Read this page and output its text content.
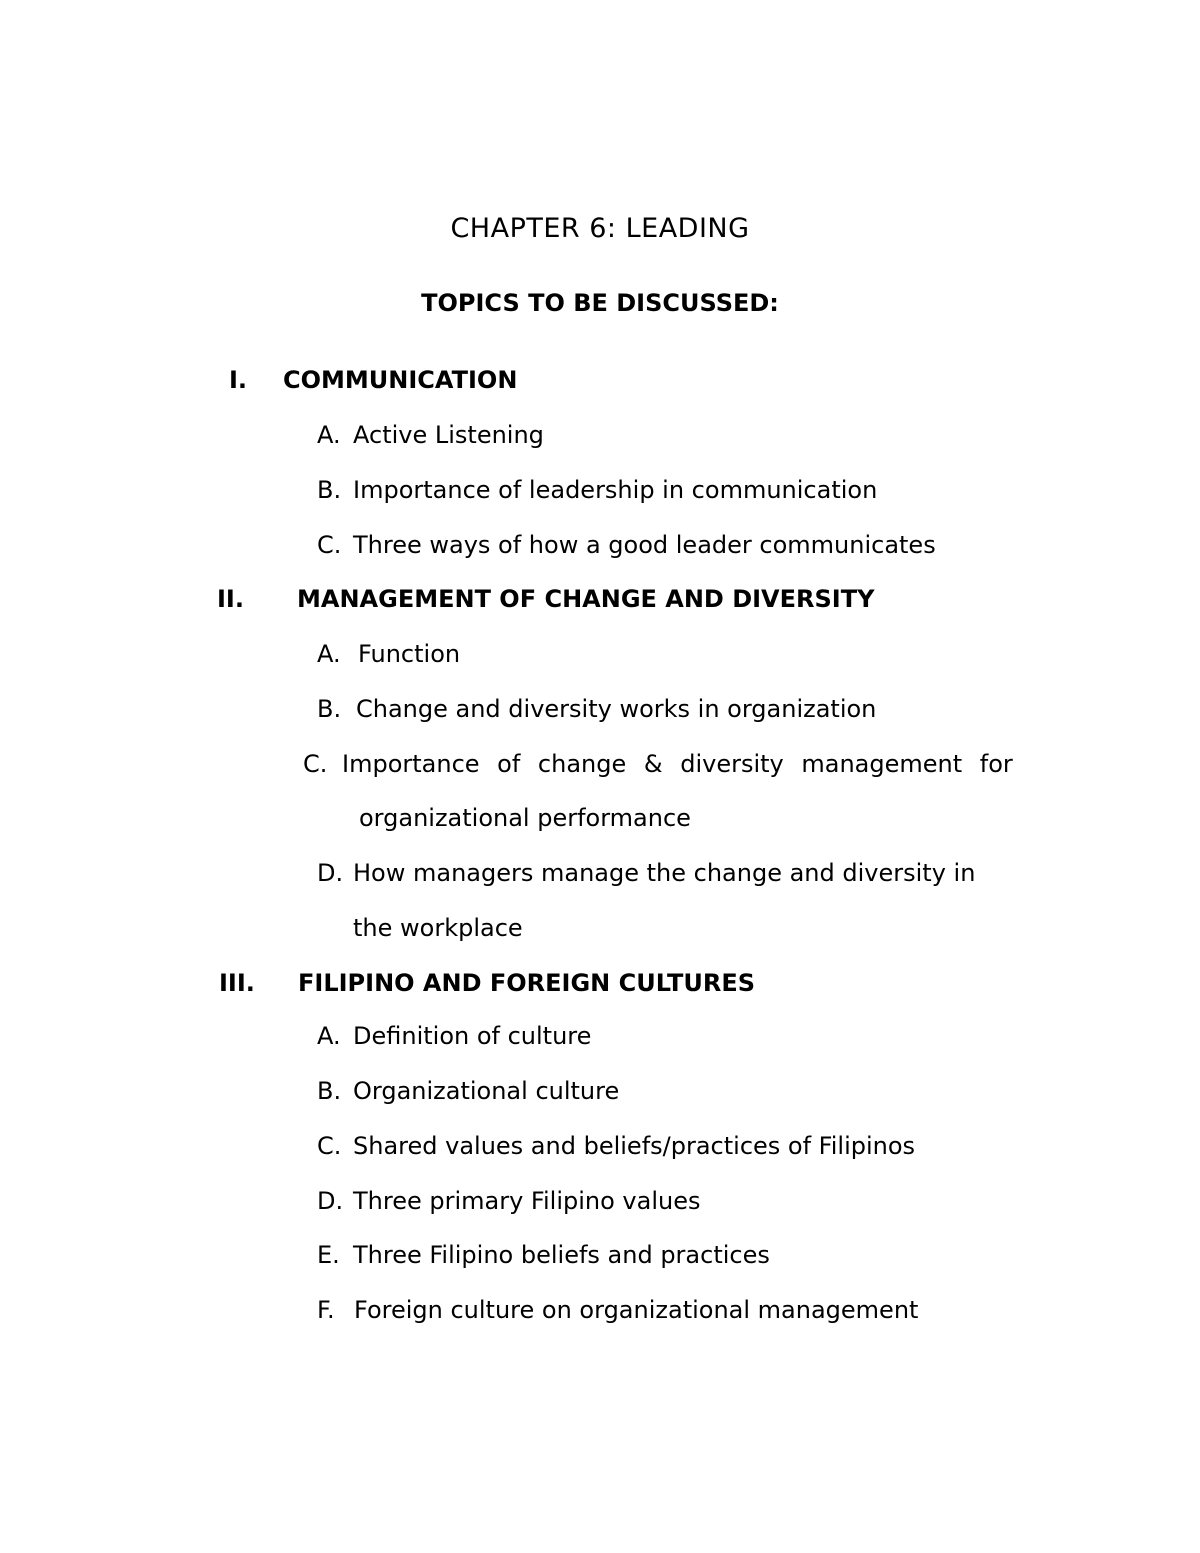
CHAPTER 6: LEADING
TOPICS TO BE DISCUSSED:
I. COMMUNICATION
A. Active Listening
B. Importance of leadership in communication
C. Three ways of how a good leader communicates
II. MANAGEMENT OF CHANGE AND DIVERSITY
A. Function
B. Change and diversity works in organization
C. Importance of change & diversity management for
organizational performance
D. How managers manage the change and diversity in
the workplace
III. FILIPINO AND FOREIGN CULTURES
A. Definition of culture
B. Organizational culture
C. Shared values and beliefs/practices of Filipinos
D. Three primary Filipino values
E. Three Filipino beliefs and practices
F. Foreign culture on organizational management
